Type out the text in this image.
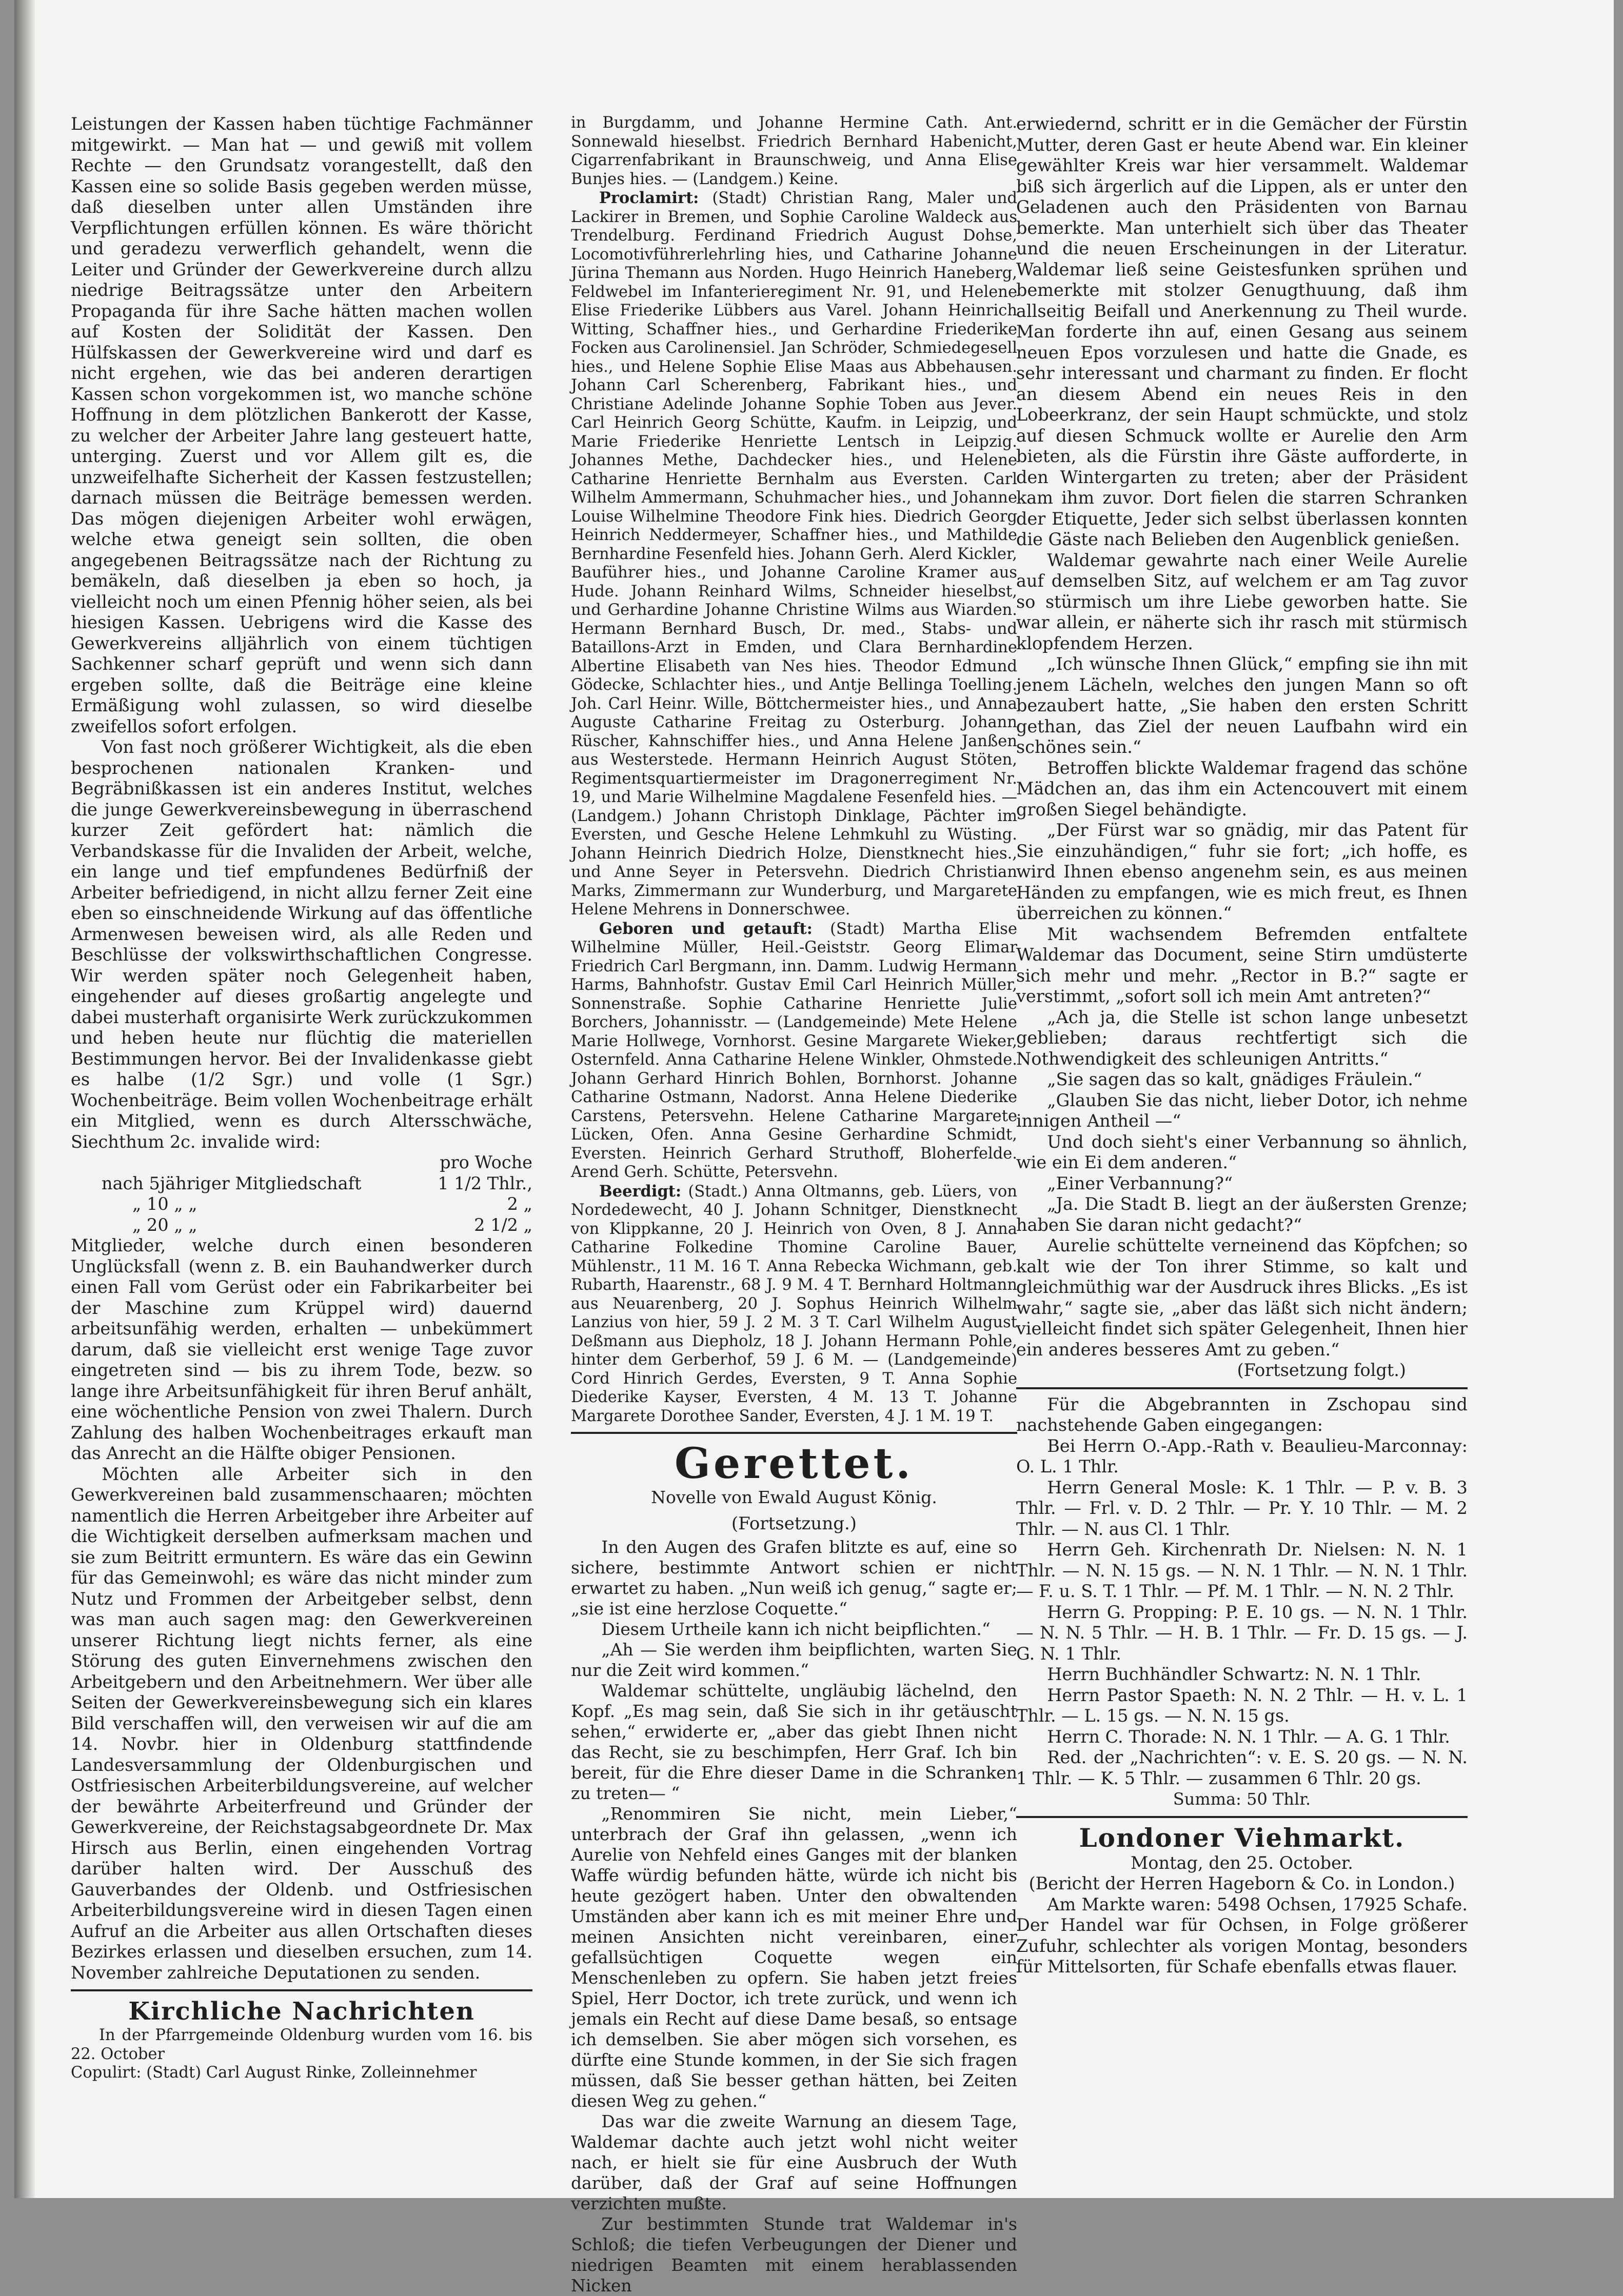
Leistungen der Kassen haben tüchtige Fachmänner mitgewirkt. — Man hat — und gewiß mit vollem Rechte — den Grundsatz vorangestellt, daß den Kassen eine so solide Basis gegeben werden müsse, daß dieselben unter allen Umständen ihre Verpflichtungen erfüllen können. Es wäre thöricht und geradezu verwerflich gehandelt, wenn die Leiter und Gründer der Gewerkvereine durch allzu niedrige Beitragssätze unter den Arbeitern Propaganda für ihre Sache hätten machen wollen auf Kosten der Solidität der Kassen. Den Hülfskassen der Gewerkvereine wird und darf es nicht ergehen, wie das bei anderen derartigen Kassen schon vorgekommen ist, wo manche schöne Hoffnung in dem plötzlichen Bankerott der Kasse, zu welcher der Arbeiter Jahre lang gesteuert hatte, unterging. Zuerst und vor Allem gilt es, die unzweifelhafte Sicherheit der Kassen festzustellen; darnach müssen die Beiträge bemessen werden. Das mögen diejenigen Arbeiter wohl erwägen, welche etwa geneigt sein sollten, die oben angegebenen Beitragssätze nach der Richtung zu bemäkeln, daß dieselben ja eben so hoch, ja vielleicht noch um einen Pfennig höher seien, als bei hiesigen Kassen. Uebrigens wird die Kasse des Gewerkvereins alljährlich von einem tüchtigen Sachkenner scharf geprüft und wenn sich dann ergeben sollte, daß die Beiträge eine kleine Ermäßigung wohl zulassen, so wird dieselbe zweifellos sofort erfolgen.

Von fast noch größerer Wichtigkeit, als die eben besprochenen nationalen Kranken- und Begräbnißkassen ist ein anderes Institut, welches die junge Gewerkvereinsbewegung in überraschend kurzer Zeit gefördert hat: nämlich die Verbandskasse für die Invaliden der Arbeit, welche, ein lange und tief empfundenes Bedürfniß der Arbeiter befriedigend, in nicht allzu ferner Zeit eine eben so einschneidende Wirkung auf das öffentliche Armenwesen beweisen wird, als alle Reden und Beschlüsse der volkswirthschaftlichen Congresse. Wir werden später noch Gelegenheit haben, eingehender auf dieses großartig angelegte und dabei musterhaft organisirte Werk zurückzukommen und heben heute nur flüchtig die materiellen Bestimmungen hervor. Bei der Invalidenkasse giebt es halbe (1/2 Sgr.) und volle (1 Sgr.) Wochenbeiträge. Beim vollen Wochenbeitrage erhält ein Mitglied, wenn es durch Altersschwäche, Siechthum 2c. invalide wird:

	pro Woche
nach 5jähriger Mitgliedschaft	1 1/2 Thlr.,
„ 10 „ „	2 „
„ 20 „ „	2 1/2 „

Mitglieder, welche durch einen besonderen Unglücksfall (wenn z. B. ein Bauhandwerker durch einen Fall vom Gerüst oder ein Fabrikarbeiter bei der Maschine zum Krüppel wird) dauernd arbeitsunfähig werden, erhalten — unbekümmert darum, daß sie vielleicht erst wenige Tage zuvor eingetreten sind — bis zu ihrem Tode, bezw. so lange ihre Arbeitsunfähigkeit für ihren Beruf anhält, eine wöchentliche Pension von zwei Thalern. Durch Zahlung des halben Wochenbeitrages erkauft man das Anrecht an die Hälfte obiger Pensionen.

Möchten alle Arbeiter sich in den Gewerkvereinen bald zusammenschaaren; möchten namentlich die Herren Arbeitgeber ihre Arbeiter auf die Wichtigkeit derselben aufmerksam machen und sie zum Beitritt ermuntern. Es wäre das ein Gewinn für das Gemeinwohl; es wäre das nicht minder zum Nutz und Frommen der Arbeitgeber selbst, denn was man auch sagen mag: den Gewerkvereinen unserer Richtung liegt nichts ferner, als eine Störung des guten Einvernehmens zwischen den Arbeitgebern und den Arbeitnehmern. Wer über alle Seiten der Gewerkvereinsbewegung sich ein klares Bild verschaffen will, den verweisen wir auf die am 14. Novbr. hier in Oldenburg stattfindende Landesversammlung der Oldenburgischen und Ostfriesischen Arbeiterbildungsvereine, auf welcher der bewährte Arbeiterfreund und Gründer der Gewerkvereine, der Reichstagsabgeordnete Dr. Max Hirsch aus Berlin, einen eingehenden Vortrag darüber halten wird. Der Ausschuß des Gauverbandes der Oldenb. und Ostfriesischen Arbeiterbildungsvereine wird in diesen Tagen einen Aufruf an die Arbeiter aus allen Ortschaften dieses Bezirkes erlassen und dieselben ersuchen, zum 14. November zahlreiche Deputationen zu senden.

Kirchliche Nachrichten

In der Pfarrgemeinde Oldenburg wurden vom 16. bis 22. October

Copulirt: (Stadt) Carl August Rinke, Zolleinnehmer

in Burgdamm, und Johanne Hermine Cath. Ant. Sonnewald hieselbst. Friedrich Bernhard Habenicht, Cigarrenfabrikant in Braunschweig, und Anna Elise Bunjes hies. — (Landgem.) Keine.

Proclamirt: (Stadt) Christian Rang, Maler und Lackirer in Bremen, und Sophie Caroline Waldeck aus Trendelburg. Ferdinand Friedrich August Dohse, Locomotivführerlehrling hies, und Catharine Johanne Jürina Themann aus Norden. Hugo Heinrich Haneberg, Feldwebel im Infanterieregiment Nr. 91, und Helene Elise Friederike Lübbers aus Varel. Johann Heinrich Witting, Schaffner hies., und Gerhardine Friederike Focken aus Carolinensiel. Jan Schröder, Schmiedegesell hies., und Helene Sophie Elise Maas aus Abbehausen. Johann Carl Scherenberg, Fabrikant hies., und Christiane Adelinde Johanne Sophie Toben aus Jever. Carl Heinrich Georg Schütte, Kaufm. in Leipzig, und Marie Friederike Henriette Lentsch in Leipzig. Johannes Methe, Dachdecker hies., und Helene Catharine Henriette Bernhalm aus Eversten. Carl Wilhelm Ammermann, Schuhmacher hies., und Johanne Louise Wilhelmine Theodore Fink hies. Diedrich Georg Heinrich Neddermeyer, Schaffner hies., und Mathilde Bernhardine Fesenfeld hies. Johann Gerh. Alerd Kickler, Bauführer hies., und Johanne Caroline Kramer aus Hude. Johann Reinhard Wilms, Schneider hieselbst, und Gerhardine Johanne Christine Wilms aus Wiarden. Hermann Bernhard Busch, Dr. med., Stabs- und Bataillons-Arzt in Emden, und Clara Bernhardine Albertine Elisabeth van Nes hies. Theodor Edmund Gödecke, Schlachter hies., und Antje Bellinga Toelling. Joh. Carl Heinr. Wille, Böttchermeister hies., und Anna Auguste Catharine Freitag zu Osterburg. Johann Rüscher, Kahnschiffer hies., und Anna Helene Janßen aus Westerstede. Hermann Heinrich August Stöten, Regimentsquartiermeister im Dragonerregiment Nr. 19, und Marie Wilhelmine Magdalene Fesenfeld hies. — (Landgem.) Johann Christoph Dinklage, Pächter im Eversten, und Gesche Helene Lehmkuhl zu Wüsting. Johann Heinrich Diedrich Holze, Dienstknecht hies., und Anne Seyer in Petersvehn. Diedrich Christian Marks, Zimmermann zur Wunderburg, und Margarete Helene Mehrens in Donnerschwee.

Geboren und getauft: (Stadt) Martha Elise Wilhelmine Müller, Heil.-Geiststr. Georg Elimar Friedrich Carl Bergmann, inn. Damm. Ludwig Hermann Harms, Bahnhofstr. Gustav Emil Carl Heinrich Müller, Sonnenstraße. Sophie Catharine Henriette Julie Borchers, Johannisstr. — (Landgemeinde) Mete Helene Marie Hollwege, Vornhorst. Gesine Margarete Wieker, Osternfeld. Anna Catharine Helene Winkler, Ohmstede. Johann Gerhard Hinrich Bohlen, Bornhorst. Johanne Catharine Ostmann, Nadorst. Anna Helene Diederike Carstens, Petersvehn. Helene Catharine Margarete Lücken, Ofen. Anna Gesine Gerhardine Schmidt, Eversten. Heinrich Gerhard Struthoff, Bloherfelde. Arend Gerh. Schütte, Petersvehn.

Beerdigt: (Stadt.) Anna Oltmanns, geb. Lüers, von Nordedewecht, 40 J. Johann Schnitger, Dienstknecht von Klippkanne, 20 J. Heinrich von Oven, 8 J. Anna Catharine Folkedine Thomine Caroline Bauer, Mühlenstr., 11 M. 16 T. Anna Rebecka Wichmann, geb. Rubarth, Haarenstr., 68 J. 9 M. 4 T. Bernhard Holtmann aus Neuarenberg, 20 J. Sophus Heinrich Wilhelm Lanzius von hier, 59 J. 2 M. 3 T. Carl Wilhelm August Deßmann aus Diepholz, 18 J. Johann Hermann Pohle, hinter dem Gerberhof, 59 J. 6 M. — (Landgemeinde) Cord Hinrich Gerdes, Eversten, 9 T. Anna Sophie Diederike Kayser, Eversten, 4 M. 13 T. Johanne Margarete Dorothee Sander, Eversten, 4 J. 1 M. 19 T.

Gerettet.
Novelle von Ewald August König.
(Fortsetzung.)

In den Augen des Grafen blitzte es auf, eine so sichere, bestimmte Antwort schien er nicht erwartet zu haben. „Nun weiß ich genug,“ sagte er; „sie ist eine herzlose Coquette.“

Diesem Urtheile kann ich nicht beipflichten.“

„Ah — Sie werden ihm beipflichten, warten Sie nur die Zeit wird kommen.“

Waldemar schüttelte, ungläubig lächelnd, den Kopf. „Es mag sein, daß Sie sich in ihr getäuscht sehen,“ erwiderte er, „aber das giebt Ihnen nicht das Recht, sie zu beschimpfen, Herr Graf. Ich bin bereit, für die Ehre dieser Dame in die Schranken zu treten— “

„Renommiren Sie nicht, mein Lieber,“ unterbrach der Graf ihn gelassen, „wenn ich Aurelie von Nehfeld eines Ganges mit der blanken Waffe würdig befunden hätte, würde ich nicht bis heute gezögert haben. Unter den obwaltenden Umständen aber kann ich es mit meiner Ehre und meinen Ansichten nicht vereinbaren, einer gefallsüchtigen Coquette wegen ein Menschenleben zu opfern. Sie haben jetzt freies Spiel, Herr Doctor, ich trete zurück, und wenn ich jemals ein Recht auf diese Dame besaß, so entsage ich demselben. Sie aber mögen sich vorsehen, es dürfte eine Stunde kommen, in der Sie sich fragen müssen, daß Sie besser gethan hätten, bei Zeiten diesen Weg zu gehen.“

Das war die zweite Warnung an diesem Tage, Waldemar dachte auch jetzt wohl nicht weiter nach, er hielt sie für eine Ausbruch der Wuth darüber, daß der Graf auf seine Hoffnungen verzichten mußte.

Zur bestimmten Stunde trat Waldemar in's Schloß; die tiefen Verbeugungen der Diener und niedrigen Beamten mit einem herablassenden Nicken

erwiedernd, schritt er in die Gemächer der Fürstin Mutter, deren Gast er heute Abend war. Ein kleiner gewählter Kreis war hier versammelt. Waldemar biß sich ärgerlich auf die Lippen, als er unter den Geladenen auch den Präsidenten von Barnau bemerkte. Man unterhielt sich über das Theater und die neuen Erscheinungen in der Literatur. Waldemar ließ seine Geistesfunken sprühen und bemerkte mit stolzer Genugthuung, daß ihm allseitig Beifall und Anerkennung zu Theil wurde. Man forderte ihn auf, einen Gesang aus seinem neuen Epos vorzulesen und hatte die Gnade, es sehr interessant und charmant zu finden. Er flocht an diesem Abend ein neues Reis in den Lobeerkranz, der sein Haupt schmückte, und stolz auf diesen Schmuck wollte er Aurelie den Arm bieten, als die Fürstin ihre Gäste aufforderte, in den Wintergarten zu treten; aber der Präsident kam ihm zuvor. Dort fielen die starren Schranken der Etiquette, Jeder sich selbst überlassen konnten die Gäste nach Belieben den Augenblick genießen.

Waldemar gewahrte nach einer Weile Aurelie auf demselben Sitz, auf welchem er am Tag zuvor so stürmisch um ihre Liebe geworben hatte. Sie war allein, er näherte sich ihr rasch mit stürmisch klopfendem Herzen.

„Ich wünsche Ihnen Glück,“ empfing sie ihn mit jenem Lächeln, welches den jungen Mann so oft bezaubert hatte, „Sie haben den ersten Schritt gethan, das Ziel der neuen Laufbahn wird ein schönes sein.“

Betroffen blickte Waldemar fragend das schöne Mädchen an, das ihm ein Actencouvert mit einem großen Siegel behändigte.

„Der Fürst war so gnädig, mir das Patent für Sie einzuhändigen,“ fuhr sie fort; „ich hoffe, es wird Ihnen ebenso angenehm sein, es aus meinen Händen zu empfangen, wie es mich freut, es Ihnen überreichen zu können.“

Mit wachsendem Befremden entfaltete Waldemar das Document, seine Stirn umdüsterte sich mehr und mehr. „Rector in B.?“ sagte er verstimmt, „sofort soll ich mein Amt antreten?“

„Ach ja, die Stelle ist schon lange unbesetzt geblieben; daraus rechtfertigt sich die Nothwendigkeit des schleunigen Antritts.“

„Sie sagen das so kalt, gnädiges Fräulein.“

„Glauben Sie das nicht, lieber Dotor, ich nehme innigen Antheil —“

Und doch sieht's einer Verbannung so ähnlich, wie ein Ei dem anderen.“

„Einer Verbannung?“

„Ja. Die Stadt B. liegt an der äußersten Grenze; haben Sie daran nicht gedacht?“

Aurelie schüttelte verneinend das Köpfchen; so kalt wie der Ton ihrer Stimme, so kalt und gleichmüthig war der Ausdruck ihres Blicks. „Es ist wahr,“ sagte sie, „aber das läßt sich nicht ändern; vielleicht findet sich später Gelegenheit, Ihnen hier ein anderes besseres Amt zu geben.“

(Fortsetzung folgt.)

Für die Abgebrannten in Zschopau sind nachstehende Gaben eingegangen:

Bei Herrn O.-App.-Rath v. Beaulieu-Marconnay: O. L. 1 Thlr.

Herrn General Mosle: K. 1 Thlr. — P. v. B. 3 Thlr. — Frl. v. D. 2 Thlr. — Pr. Y. 10 Thlr. — M. 2 Thlr. — N. aus Cl. 1 Thlr.

Herrn Geh. Kirchenrath Dr. Nielsen: N. N. 1 Thlr. — N. N. 15 gs. — N. N. 1 Thlr. — N. N. 1 Thlr. — F. u. S. T. 1 Thlr. — Pf. M. 1 Thlr. — N. N. 2 Thlr.

Herrn G. Propping: P. E. 10 gs. — N. N. 1 Thlr. — N. N. 5 Thlr. — H. B. 1 Thlr. — Fr. D. 15 gs. — J. G. N. 1 Thlr.

Herrn Buchhändler Schwartz: N. N. 1 Thlr.

Herrn Pastor Spaeth: N. N. 2 Thlr. — H. v. L. 1 Thlr. — L. 15 gs. — N. N. 15 gs.

Herrn C. Thorade: N. N. 1 Thlr. — A. G. 1 Thlr.

Red. der „Nachrichten“: v. E. S. 20 gs. — N. N. 1 Thlr. — K. 5 Thlr. — zusammen 6 Thlr. 20 gs.

Summa: 50 Thlr.
Londoner Viehmarkt.
Montag, den 25. October.
(Bericht der Herren Hageborn & Co. in London.)

Am Markte waren: 5498 Ochsen, 17925 Schafe. Der Handel war für Ochsen, in Folge größerer Zufuhr, schlechter als vorigen Montag, besonders für Mittelsorten, für Schafe ebenfalls etwas flauer.
